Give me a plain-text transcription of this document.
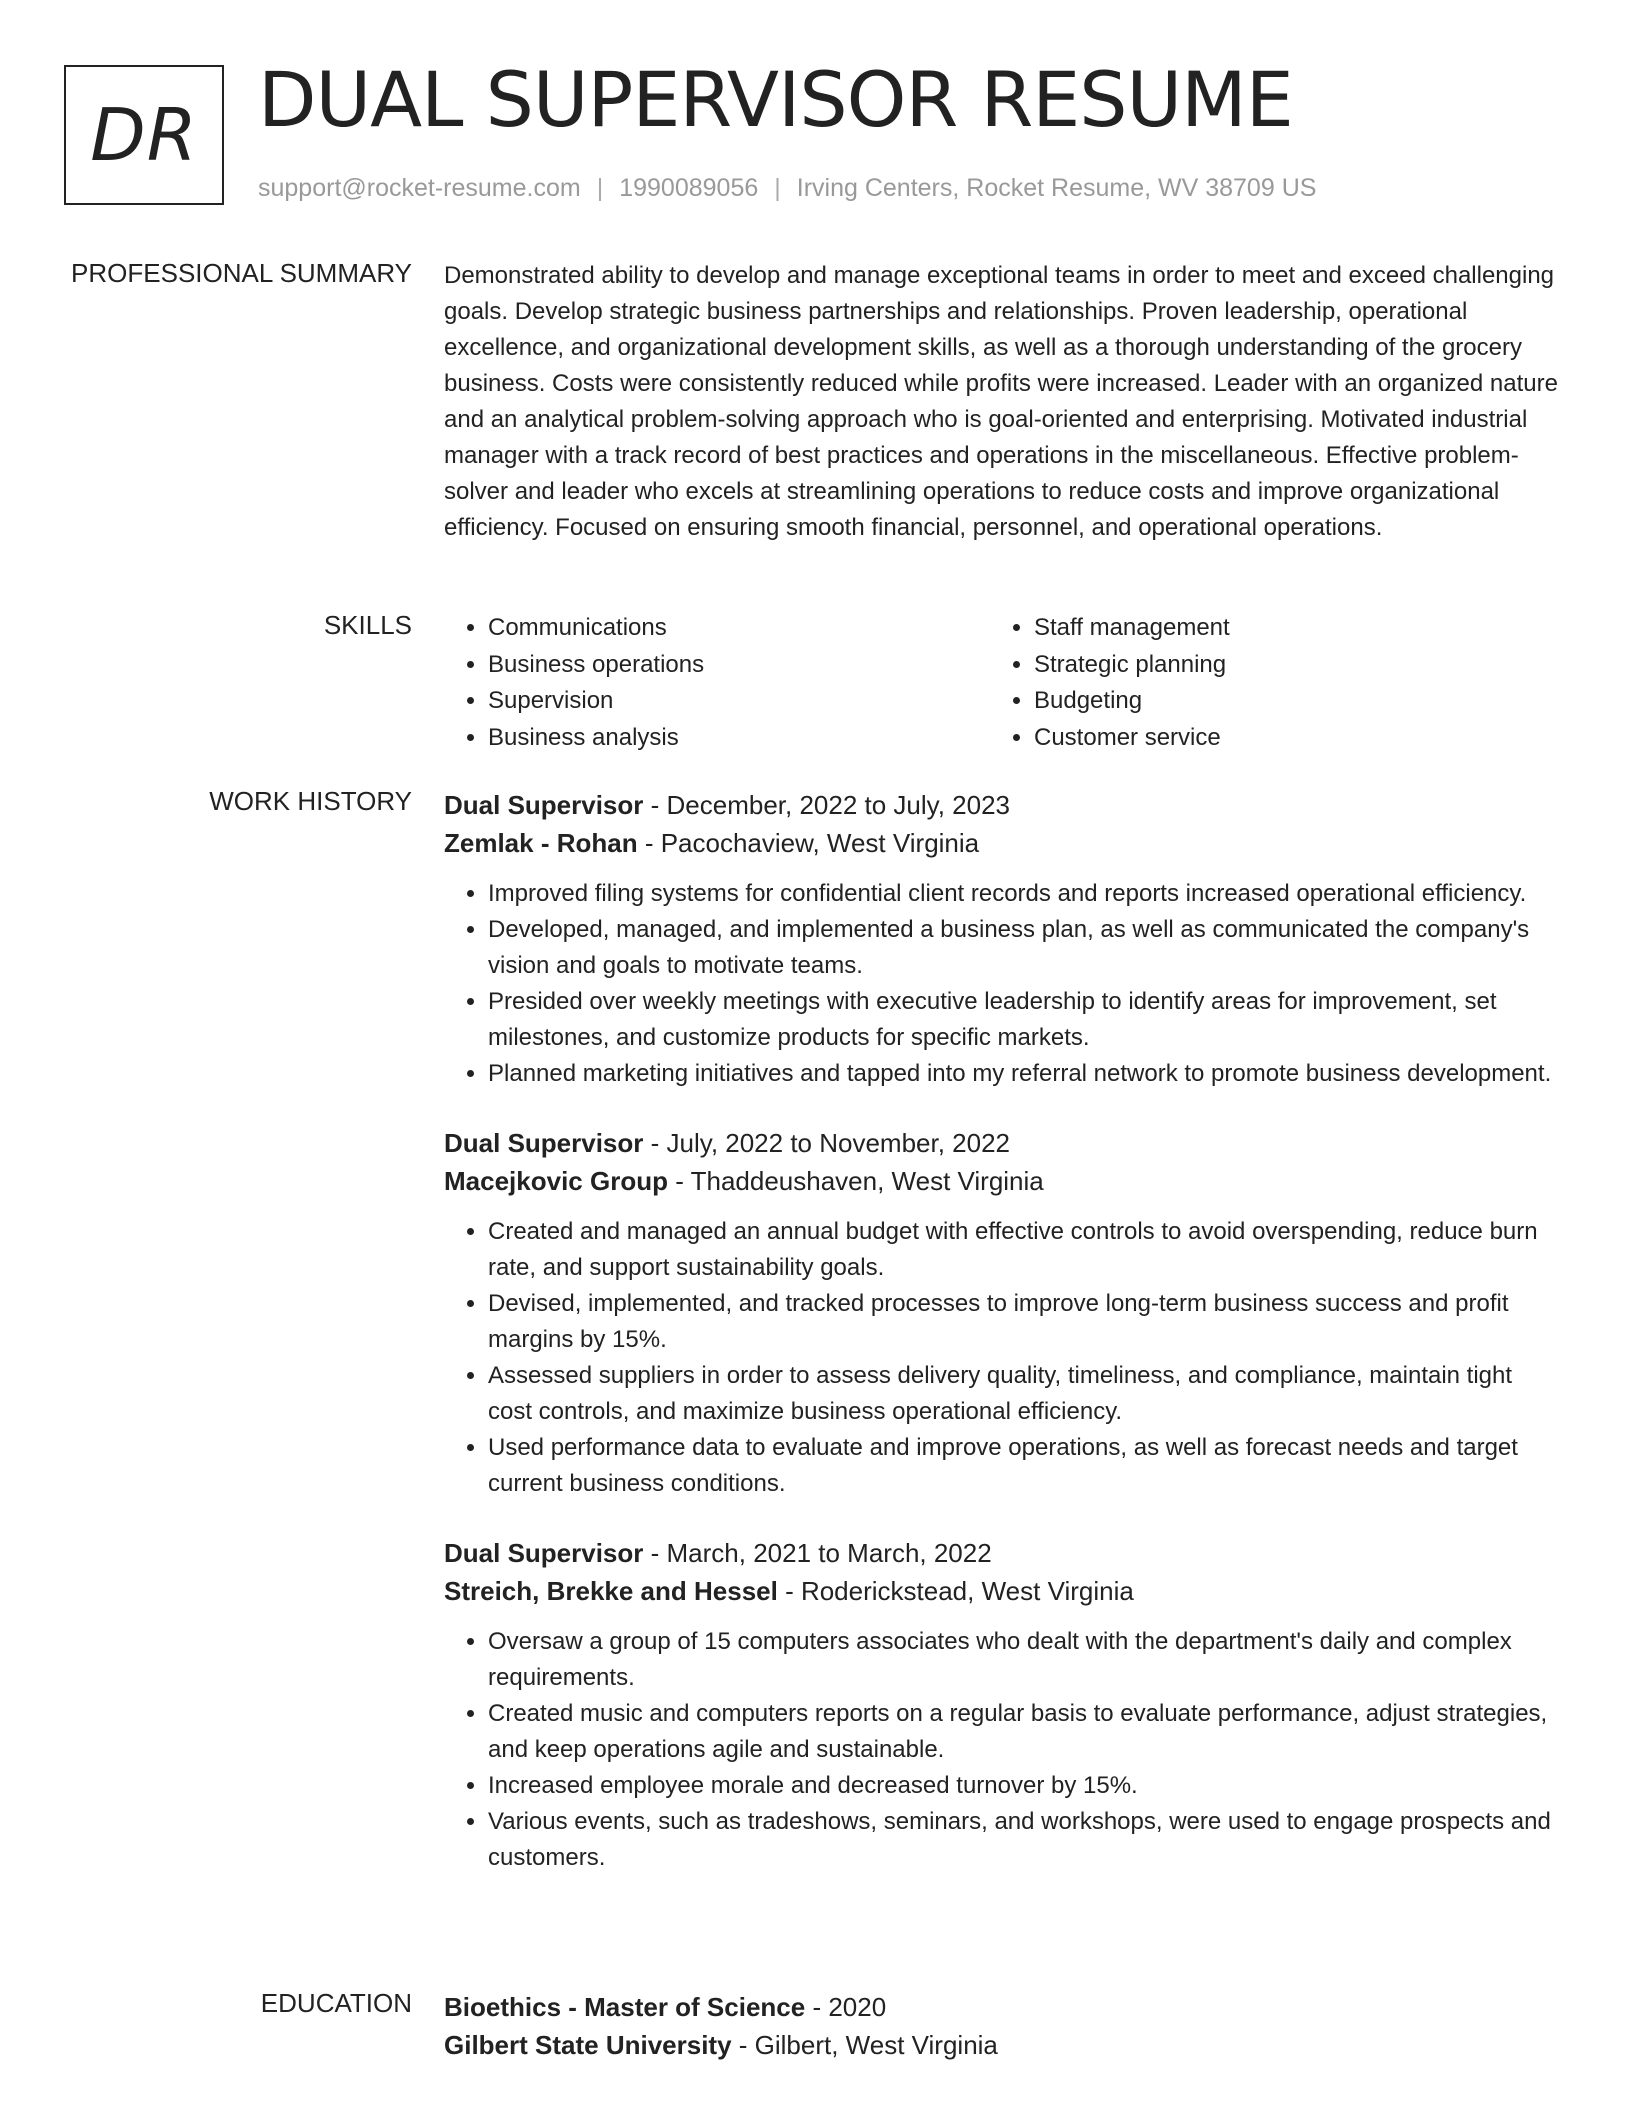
DR DUAL SUPERVISOR RESUME
support@rocket-resume.com | 1990089056 | Irving Centers, Rocket Resume, WV 38709 US
PROFESSIONAL SUMMARY Demonstrated ability to develop and manage exceptional teams in order to meet and exceed challenging goals. Develop strategic business partnerships and relationships. Proven leadership, operational excellence, and organizational development skills, as well as a thorough understanding of the grocery business. Costs were consistently reduced while profits were increased. Leader with an organized nature and an analytical problem-solving approach who is goal-oriented and enterprising. Motivated industrial manager with a track record of best practices and operations in the miscellaneous. Effective problem-solver and leader who excels at streamlining operations to reduce costs and improve organizational efficiency. Focused on ensuring smooth financial, personnel, and operational operations.

SKILLS
•	Communications
• Business operations
• Supervision
• Business analysis
• Staff management
• Strategic planning
• Budgeting
• Customer service
WORK HISTORY Dual Supervisor - December, 2022 to July, 2023
Zemlak - Rohan - Pacochaview, West Virginia
• Improved filing systems for confidential client records and reports increased operational efficiency.
• Developed, managed, and implemented a business plan, as well as communicated the company's vision and goals to motivate teams.
• Presided over weekly meetings with executive leadership to identify areas for improvement, set milestones, and customize products for specific markets.
• Planned marketing initiatives and tapped into my referral network to promote business development.
Dual Supervisor - July, 2022 to November, 2022
Macejkovic Group - Thaddeushaven, West Virginia
• Created and managed an annual budget with effective controls to avoid overspending, reduce burn rate, and support sustainability goals.
• Devised, implemented, and tracked processes to improve long-term business success and profit margins by 15%.
• Assessed suppliers in order to assess delivery quality, timeliness, and compliance, maintain tight cost controls, and maximize business operational efficiency.
• Used performance data to evaluate and improve operations, as well as forecast needs and target current business conditions.
Dual Supervisor - March, 2021 to March, 2022
Streich, Brekke and Hessel - Roderickstead, West Virginia
• Oversaw a group of 15 computers associates who dealt with the department's daily and complex requirements.
• Created music and computers reports on a regular basis to evaluate performance, adjust strategies, and keep operations agile and sustainable.
• Increased employee morale and decreased turnover by 15%.
• Various events, such as tradeshows, seminars, and workshops, were used to engage prospects and customers.
EDUCATION Bioethics - Master of Science - 2020
Gilbert State University - Gilbert, West Virginia
